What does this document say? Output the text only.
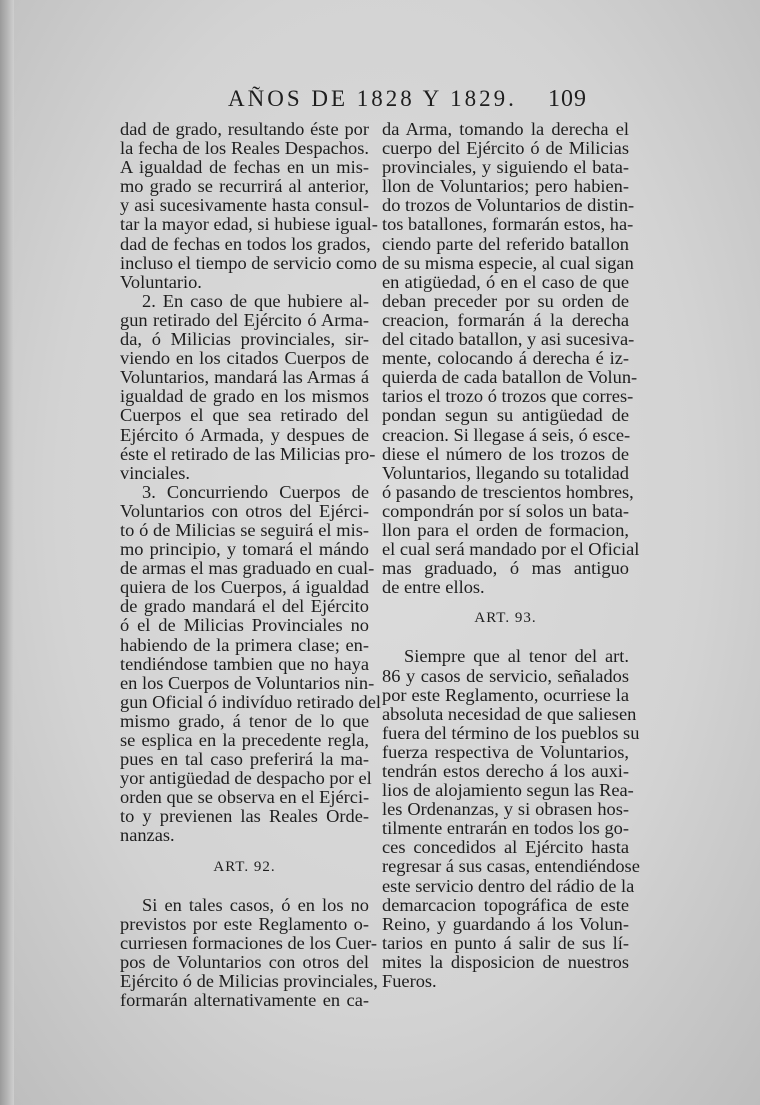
AÑOS DE 1828 Y 1829. 109
dad de grado, resultando éste por
la fecha de los Reales Despachos.
A igualdad de fechas en un mis-
mo grado se recurrirá al anterior,
y asi sucesivamente hasta consul-
tar la mayor edad, si hubiese igual-
dad de fechas en todos los grados,
incluso el tiempo de servicio como
Voluntario.
2. En caso de que hubiere al-
gun retirado del Ejército ó Arma-
da, ó Milicias provinciales, sir-
viendo en los citados Cuerpos de
Voluntarios, mandará las Armas á
igualdad de grado en los mismos
Cuerpos el que sea retirado del
Ejército ó Armada, y despues de
éste el retirado de las Milicias pro-
vinciales.
3. Concurriendo Cuerpos de
Voluntarios con otros del Ejérci-
to ó de Milicias se seguirá el mis-
mo principio, y tomará el mándo
de armas el mas graduado en cual-
quiera de los Cuerpos, á igualdad
de grado mandará el del Ejército
ó el de Milicias Provinciales no
habiendo de la primera clase; en-
tendiéndose tambien que no haya
en los Cuerpos de Voluntarios nin-
gun Oficial ó indivíduo retirado del
mismo grado, á tenor de lo que
se esplica en la precedente regla,
pues en tal caso preferirá la ma-
yor antigüedad de despacho por el
orden que se observa en el Ejérci-
to y previenen las Reales Orde-
nanzas.
ART. 92.
Si en tales casos, ó en los no
previstos por este Reglamento o-
curriesen formaciones de los Cuer-
pos de Voluntarios con otros del
Ejército ó de Milicias provinciales,
formarán alternativamente en ca-
da Arma, tomando la derecha el
cuerpo del Ejército ó de Milicias
provinciales, y siguiendo el bata-
llon de Voluntarios; pero habien-
do trozos de Voluntarios de distin-
tos batallones, formarán estos, ha-
ciendo parte del referido batallon
de su misma especie, al cual sigan
en atigüedad, ó en el caso de que
deban preceder por su orden de
creacion, formarán á la derecha
del citado batallon, y asi sucesiva-
mente, colocando á derecha é iz-
quierda de cada batallon de Volun-
tarios el trozo ó trozos que corres-
pondan segun su antigüedad de
creacion. Si llegase á seis, ó esce-
diese el número de los trozos de
Voluntarios, llegando su totalidad
ó pasando de trescientos hombres,
compondrán por sí solos un bata-
llon para el orden de formacion,
el cual será mandado por el Oficial
mas graduado, ó mas antiguo
de entre ellos.
ART. 93.
Siempre que al tenor del art.
86 y casos de servicio, señalados
por este Reglamento, ocurriese la
absoluta necesidad de que saliesen
fuera del término de los pueblos su
fuerza respectiva de Voluntarios,
tendrán estos derecho á los auxi-
lios de alojamiento segun las Rea-
les Ordenanzas, y si obrasen hos-
tilmente entrarán en todos los go-
ces concedidos al Ejército hasta
regresar á sus casas, entendiéndose
este servicio dentro del rádio de la
demarcacion topográfica de este
Reino, y guardando á los Volun-
tarios en punto á salir de sus lí-
mites la disposicion de nuestros
Fueros.
